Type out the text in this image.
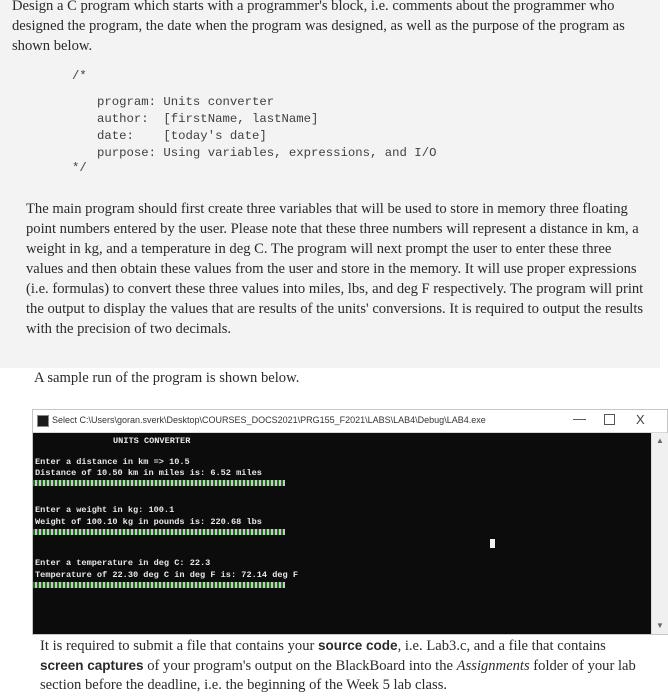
Design a C program which starts with a programmer's block, i.e. comments about the programmer who designed the program, the date when the program was designed, as well as the purpose of the program as shown below.

/*
program: Units converter
author:  [firstName, lastName]
date:    [today's date]
purpose: Using variables, expressions, and I/O
*/

The main program should first create three variables that will be used to store in memory three floating point numbers entered by the user. Please note that these three numbers will represent a distance in km, a weight in kg, and a temperature in deg C. The program will next prompt the user to enter these three values and then obtain these values from the user and store in the memory. It will use proper expressions (i.e. formulas) to convert these three values into miles, lbs, and deg F respectively. The program will print the output to display the values that are results of the units' conversions. It is required to output the results with the precision of two decimals.

A sample run of the program is shown below.

Select C:\Users\goran.sverk\Desktop\COURSES_DOCS2021\PRG155_F2021\LABS\LAB4\Debug\LAB4.exe	—	X
UNITS CONVERTER
Enter a distance in km => 10.5
Distance of 10.50 km in miles is: 6.52 miles
Enter a weight in kg: 100.1
Weight of 100.10 kg in pounds is: 220.68 lbs
Enter a temperature in deg C: 22.3
Temperature of 22.30 deg C in deg F is: 72.14 deg F
▲
▼

It is required to submit a file that contains your source code, i.e. Lab3.c, and a file that contains screen captures of your program's output on the BlackBoard into the Assignments folder of your lab section before the deadline, i.e. the beginning of the Week 5 lab class.
